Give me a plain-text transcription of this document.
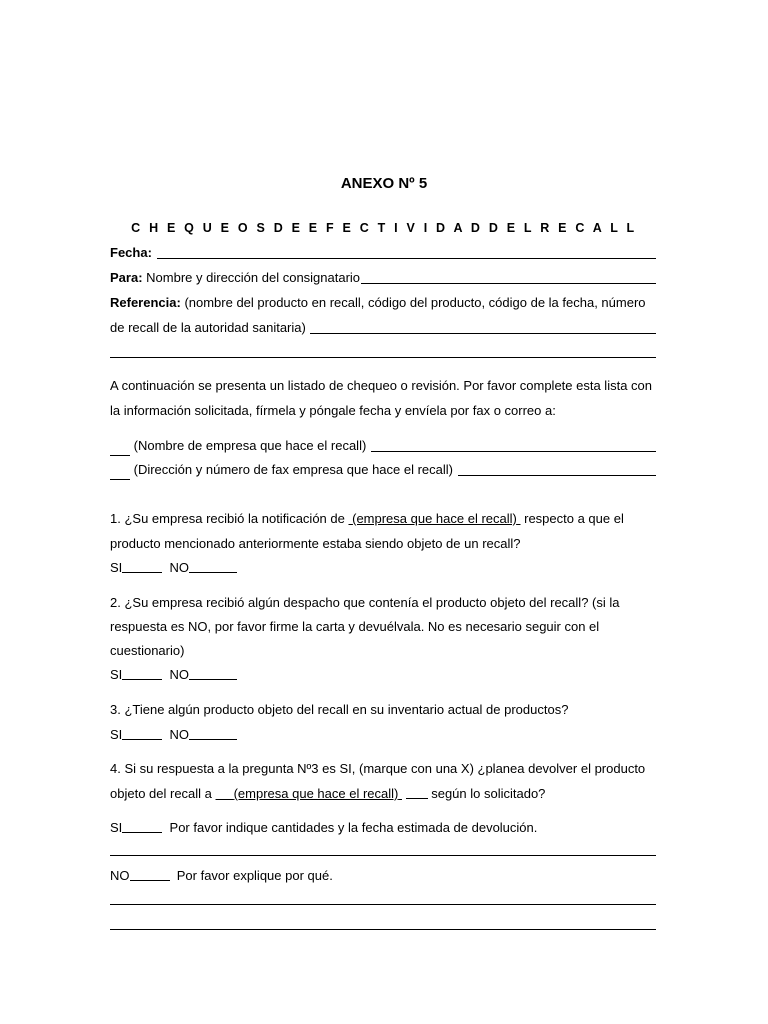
ANEXO Nº 5
C H E Q U E O S D E E F E C T I V I D A D D E L R E C A L L
Fecha:

Para:
Nombre y dirección del consignatario
Referencia: (nombre del producto en recall, código del producto, código de la fecha, número
de recall de la autoridad sanitaria)

A continuación se presenta un listado de chequeo o revisión. Por favor complete esta lista con
la información solicitada, fírmela y póngale fecha y envíela por fax o correo a:

(Nombre de empresa que hace el recall)

(Dirección y número de fax empresa que hace el recall)

1. ¿Su empresa recibió la notificación de (empresa que hace el recall) respecto a que el
producto mencionado anteriormente estaba siendo objeto de un recall?
SI	NO
2. ¿Su empresa recibió algún despacho que contenía el producto objeto del recall? (si la
respuesta es NO, por favor firme la carta y devuélvala. No es necesario seguir con el
cuestionario)
SI	NO
3. ¿Tiene algún producto objeto del recall en su inventario actual de productos?
SI	NO
4. Si su respuesta a la pregunta Nº3 es SI, (marque con una X) ¿planea devolver el producto
objeto del recall a (empresa que hace el recall)	según lo solicitado?
SI	Por favor indique cantidades y la fecha estimada de devolución.
NO	Por favor explique por qué.
